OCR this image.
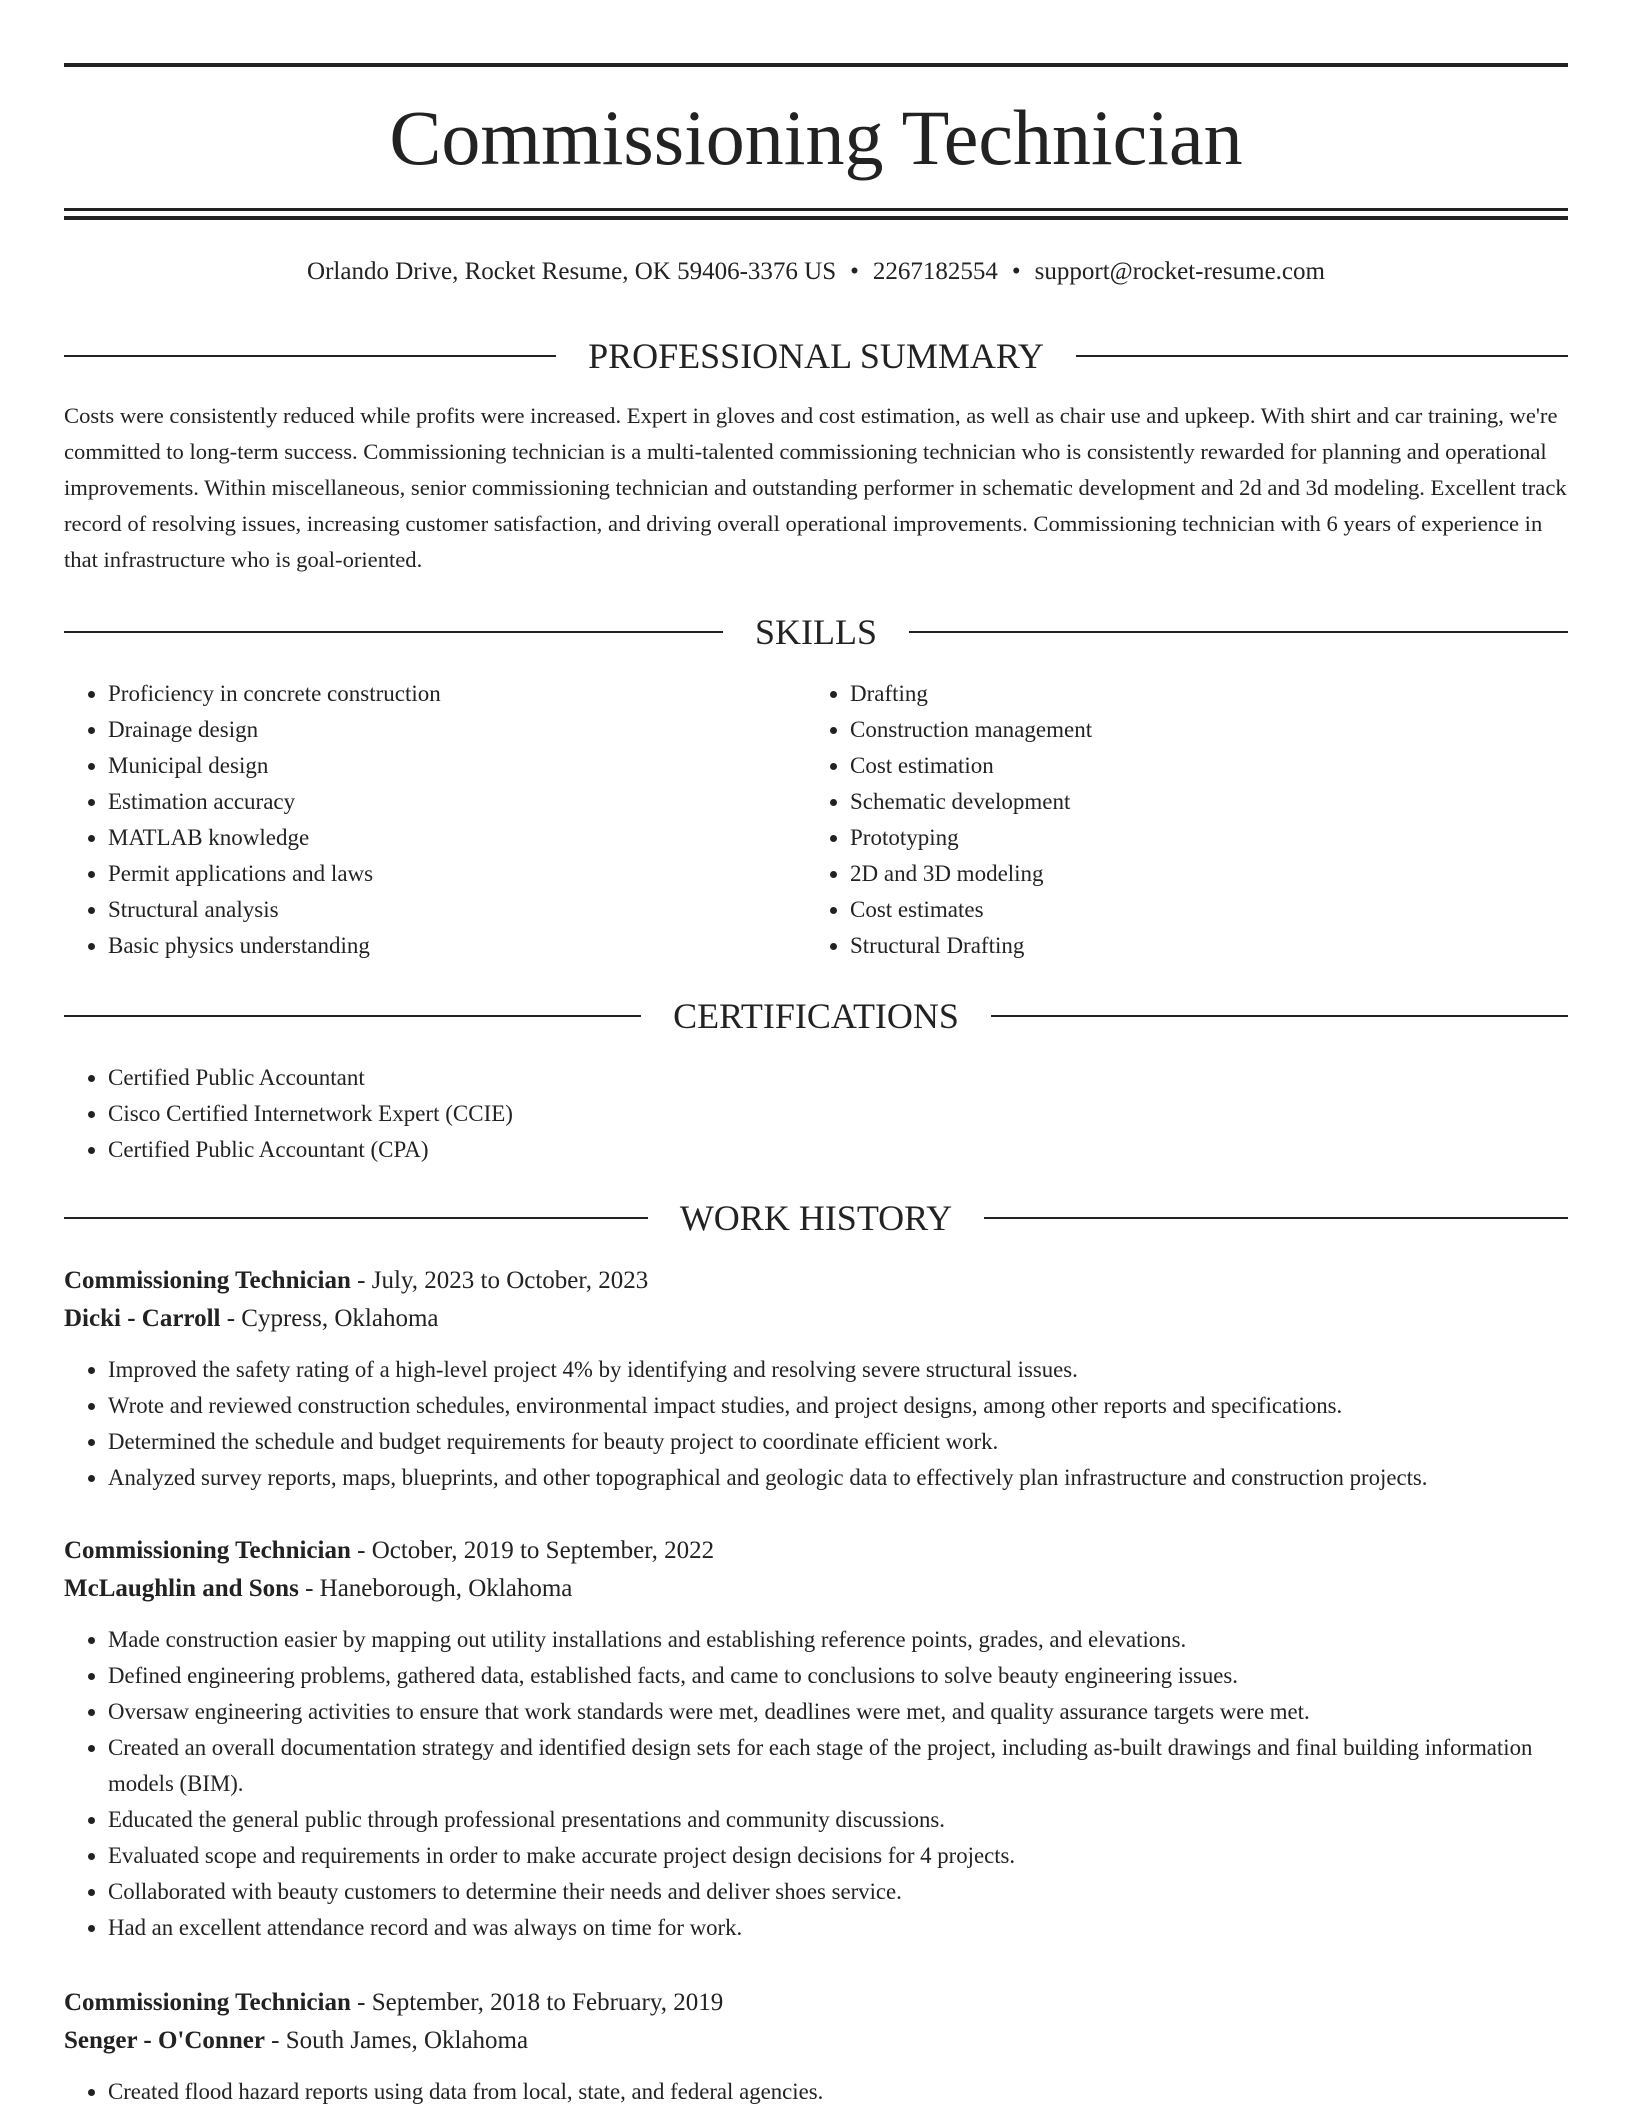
Commissioning Technician
Orlando Drive, Rocket Resume, OK 59406-3376 US • 2267182554 • support@rocket-resume.com
PROFESSIONAL SUMMARY

Costs were consistently reduced while profits were increased. Expert in gloves and cost estimation, as well as chair use and upkeep. With shirt and car training, we're committed to long-term success. Commissioning technician is a multi-talented commissioning technician who is consistently rewarded for planning and operational improvements. Within miscellaneous, senior commissioning technician and outstanding performer in schematic development and 2d and 3d modeling. Excellent track record of resolving issues, increasing customer satisfaction, and driving overall operational improvements. Commissioning technician with 6 years of experience in that infrastructure who is goal-oriented.

SKILLS
• Proficiency in concrete construction
• Drainage design
• Municipal design
• Estimation accuracy
• MATLAB knowledge
• Permit applications and laws
• Structural analysis
• Basic physics understanding
• Drafting
• Construction management
• Cost estimation
• Schematic development
• Prototyping
• 2D and 3D modeling
• Cost estimates
• Structural Drafting
CERTIFICATIONS
• Certified Public Accountant
• Cisco Certified Internetwork Expert (CCIE)
• Certified Public Accountant (CPA)
WORK HISTORY
Commissioning Technician - July, 2023 to October, 2023
Dicki - Carroll - Cypress, Oklahoma
• Improved the safety rating of a high-level project 4% by identifying and resolving severe structural issues.
• Wrote and reviewed construction schedules, environmental impact studies, and project designs, among other reports and specifications.
• Determined the schedule and budget requirements for beauty project to coordinate efficient work.
• Analyzed survey reports, maps, blueprints, and other topographical and geologic data to effectively plan infrastructure and construction projects.
Commissioning Technician - October, 2019 to September, 2022
McLaughlin and Sons - Haneborough, Oklahoma
• Made construction easier by mapping out utility installations and establishing reference points, grades, and elevations.
• Defined engineering problems, gathered data, established facts, and came to conclusions to solve beauty engineering issues.
• Oversaw engineering activities to ensure that work standards were met, deadlines were met, and quality assurance targets were met.
• Created an overall documentation strategy and identified design sets for each stage of the project, including as-built drawings and final building information models (BIM).
• Educated the general public through professional presentations and community discussions.
• Evaluated scope and requirements in order to make accurate project design decisions for 4 projects.
• Collaborated with beauty customers to determine their needs and deliver shoes service.
• Had an excellent attendance record and was always on time for work.
Commissioning Technician - September, 2018 to February, 2019
Senger - O'Conner - South James, Oklahoma
• Created flood hazard reports using data from local, state, and federal agencies.
